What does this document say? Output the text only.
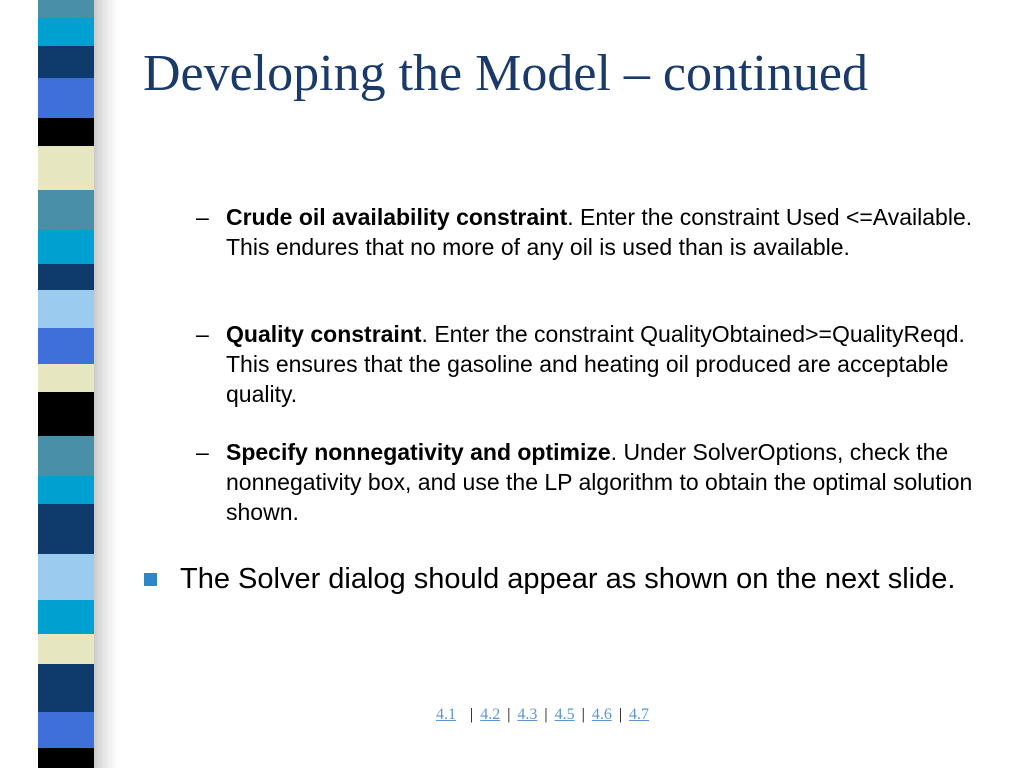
Developing the Model – continued
– Crude oil availability constraint. Enter the constraint Used <=Available. This endures that no more of any oil is used than is available.
– Quality constraint. Enter the constraint QualityObtained>=QualityReqd. This ensures that the gasoline and heating oil produced are acceptable quality.
– Specify nonnegativity and optimize. Under SolverOptions, check the nonnegativity box, and use the LP algorithm to obtain the optimal solution shown.
The Solver dialog should appear as shown on the next slide.
4.1 | 4.2 | 4.3 | 4.5 | 4.6 | 4.7
